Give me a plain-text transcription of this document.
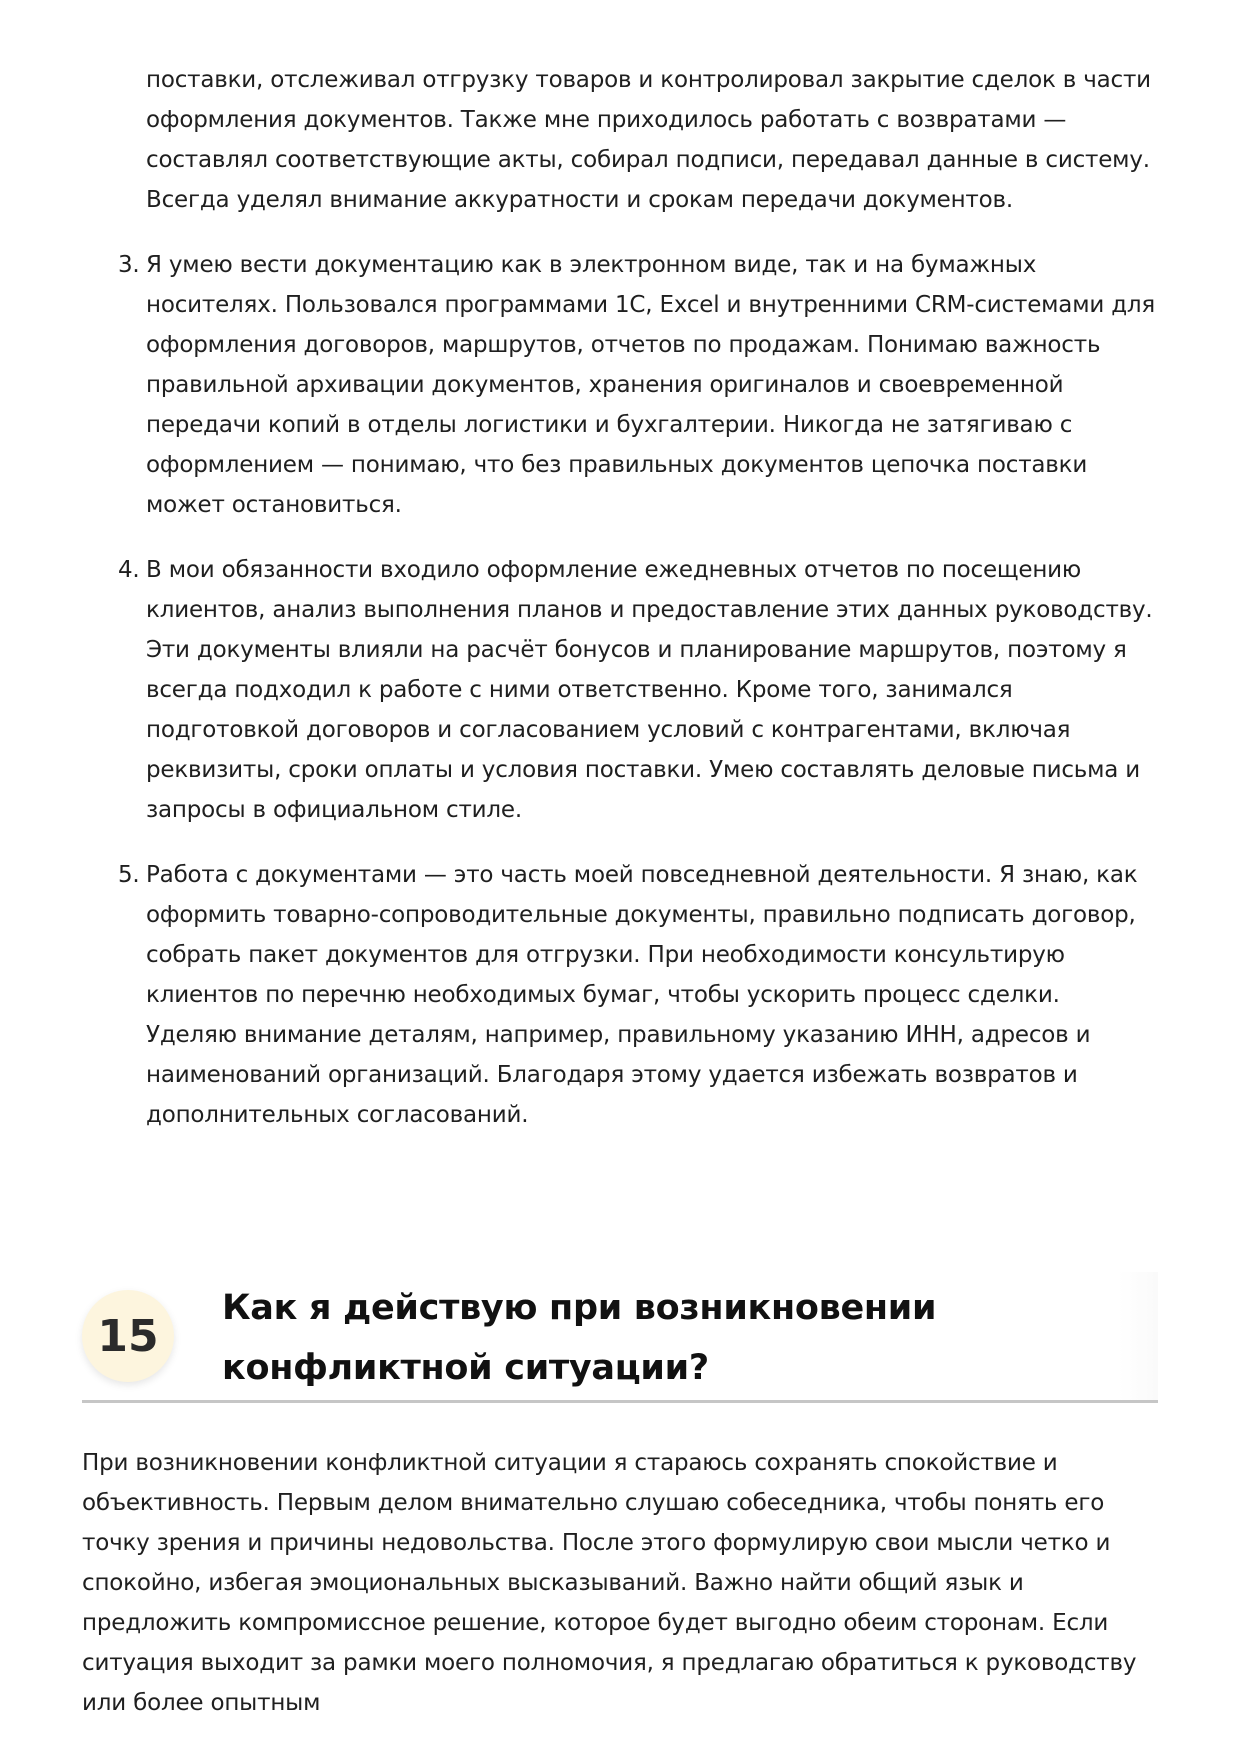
поставки, отслеживал отгрузку товаров и контролировал закрытие сделок в части оформления документов. Также мне приходилось работать с возвратами — составлял соответствующие акты, собирал подписи, передавал данные в систему. Всегда уделял внимание аккуратности и срокам передачи документов.
3. Я умею вести документацию как в электронном виде, так и на бумажных носителях. Пользовался программами 1С, Excel и внутренними CRM-системами для оформления договоров, маршрутов, отчетов по продажам. Понимаю важность правильной архивации документов, хранения оригиналов и своевременной передачи копий в отделы логистики и бухгалтерии. Никогда не затягиваю с оформлением — понимаю, что без правильных документов цепочка поставки может остановиться.
4. В мои обязанности входило оформление ежедневных отчетов по посещению клиентов, анализ выполнения планов и предоставление этих данных руководству. Эти документы влияли на расчёт бонусов и планирование маршрутов, поэтому я всегда подходил к работе с ними ответственно. Кроме того, занимался подготовкой договоров и согласованием условий с контрагентами, включая реквизиты, сроки оплаты и условия поставки. Умею составлять деловые письма и запросы в официальном стиле.
5. Работа с документами — это часть моей повседневной деятельности. Я знаю, как оформить товарно-сопроводительные документы, правильно подписать договор, собрать пакет документов для отгрузки. При необходимости консультирую клиентов по перечню необходимых бумаг, чтобы ускорить процесс сделки. Уделяю внимание деталям, например, правильному указанию ИНН, адресов и наименований организаций. Благодаря этому удается избежать возвратов и дополнительных согласований.
15
Как я действую при возникновении конфликтной ситуации?

При возникновении конфликтной ситуации я стараюсь сохранять спокойствие и объективность. Первым делом внимательно слушаю собеседника, чтобы понять его точку зрения и причины недовольства. После этого формулирую свои мысли четко и спокойно, избегая эмоциональных высказываний. Важно найти общий язык и предложить компромиссное решение, которое будет выгодно обеим сторонам. Если ситуация выходит за рамки моего полномочия, я предлагаю обратиться к руководству или более опытным
